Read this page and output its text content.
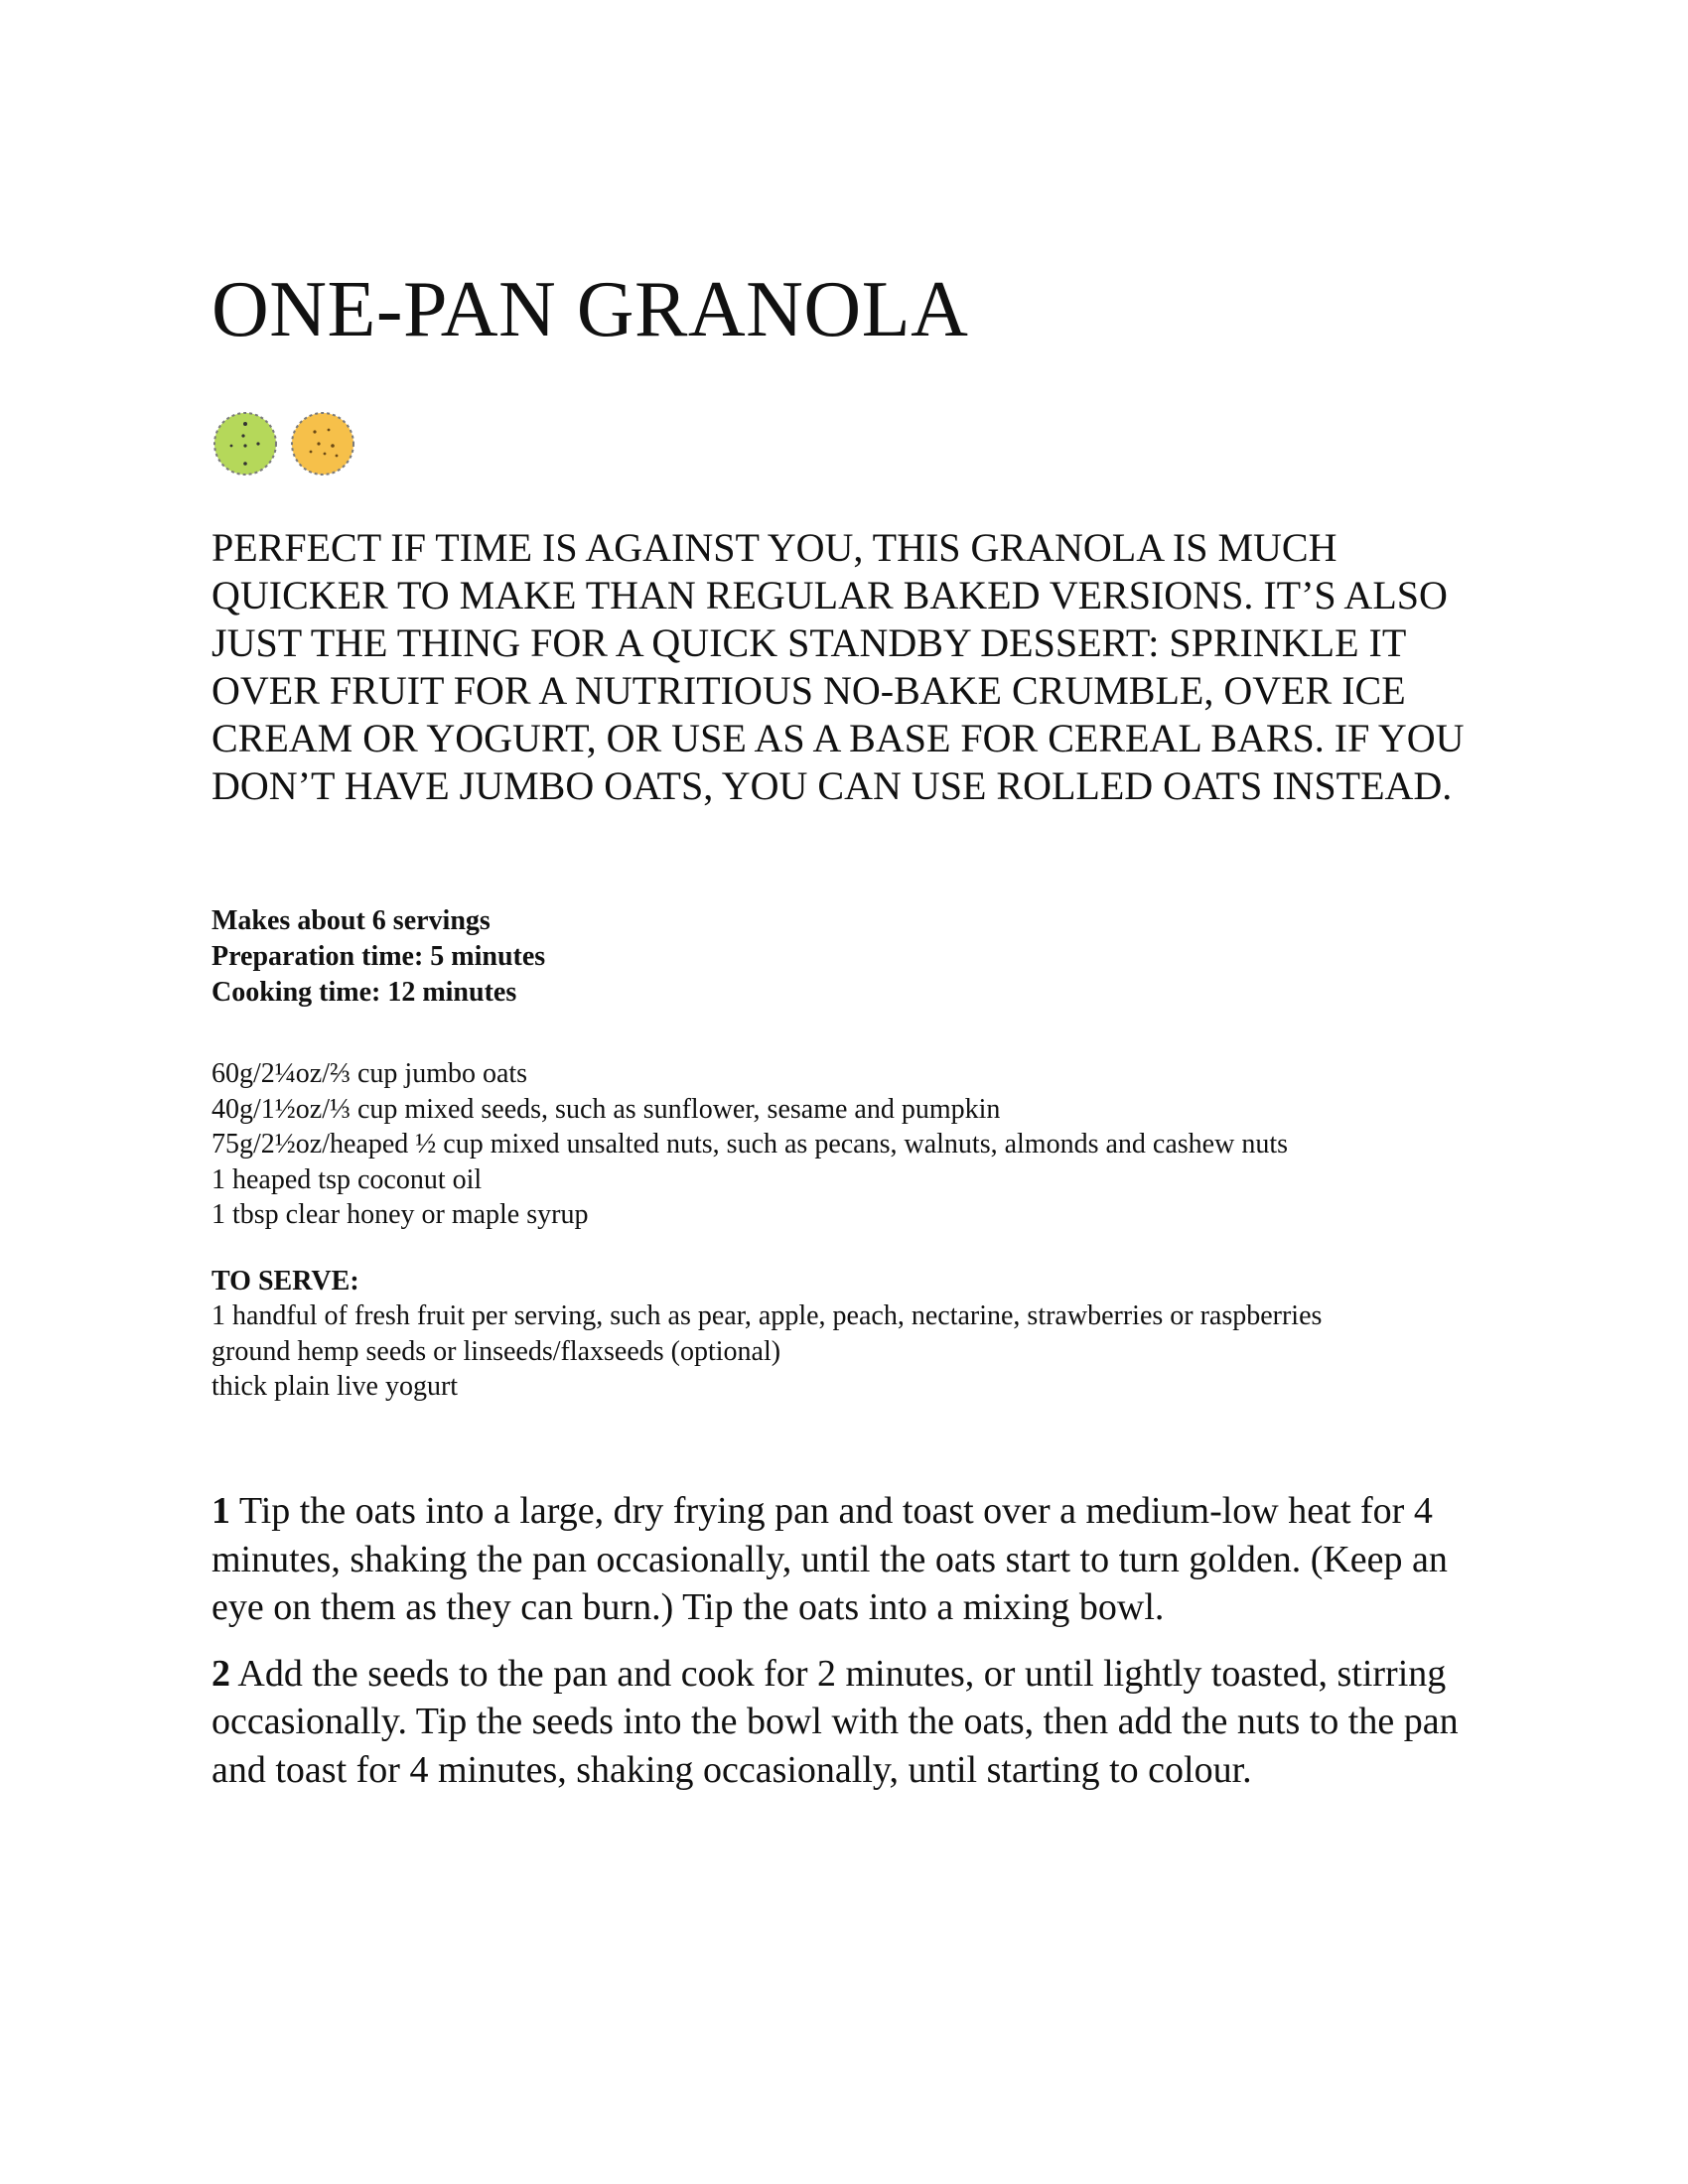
ONE-PAN GRANOLA

PERFECT IF TIME IS AGAINST YOU, THIS GRANOLA IS MUCH QUICKER TO MAKE THAN REGULAR BAKED VERSIONS. IT’S ALSO JUST THE THING FOR A QUICK STANDBY DESSERT: SPRINKLE IT OVER FRUIT FOR A NUTRITIOUS NO-BAKE CRUMBLE, OVER ICE CREAM OR YOGURT, OR USE AS A BASE FOR CEREAL BARS. IF YOU DON’T HAVE JUMBO OATS, YOU CAN USE ROLLED OATS INSTEAD.

Makes about 6 servings
Preparation time: 5 minutes
Cooking time: 12 minutes
60g/2¼oz/⅔ cup jumbo oats
40g/1½oz/⅓ cup mixed seeds, such as sunflower, sesame and pumpkin
75g/2½oz/heaped ½ cup mixed unsalted nuts, such as pecans, walnuts, almonds and cashew nuts
1 heaped tsp coconut oil
1 tbsp clear honey or maple syrup
TO SERVE:
1 handful of fresh fruit per serving, such as pear, apple, peach, nectarine, strawberries or raspberries
ground hemp seeds or linseeds/flaxseeds (optional)
thick plain live yogurt

1 Tip the oats into a large, dry frying pan and toast over a medium-low heat for 4 minutes, shaking the pan occasionally, until the oats start to turn golden. (Keep an eye on them as they can burn.) Tip the oats into a mixing bowl.

2 Add the seeds to the pan and cook for 2 minutes, or until lightly toasted, stirring occasionally. Tip the seeds into the bowl with the oats, then add the nuts to the pan and toast for 4 minutes, shaking occasionally, until starting to colour.
